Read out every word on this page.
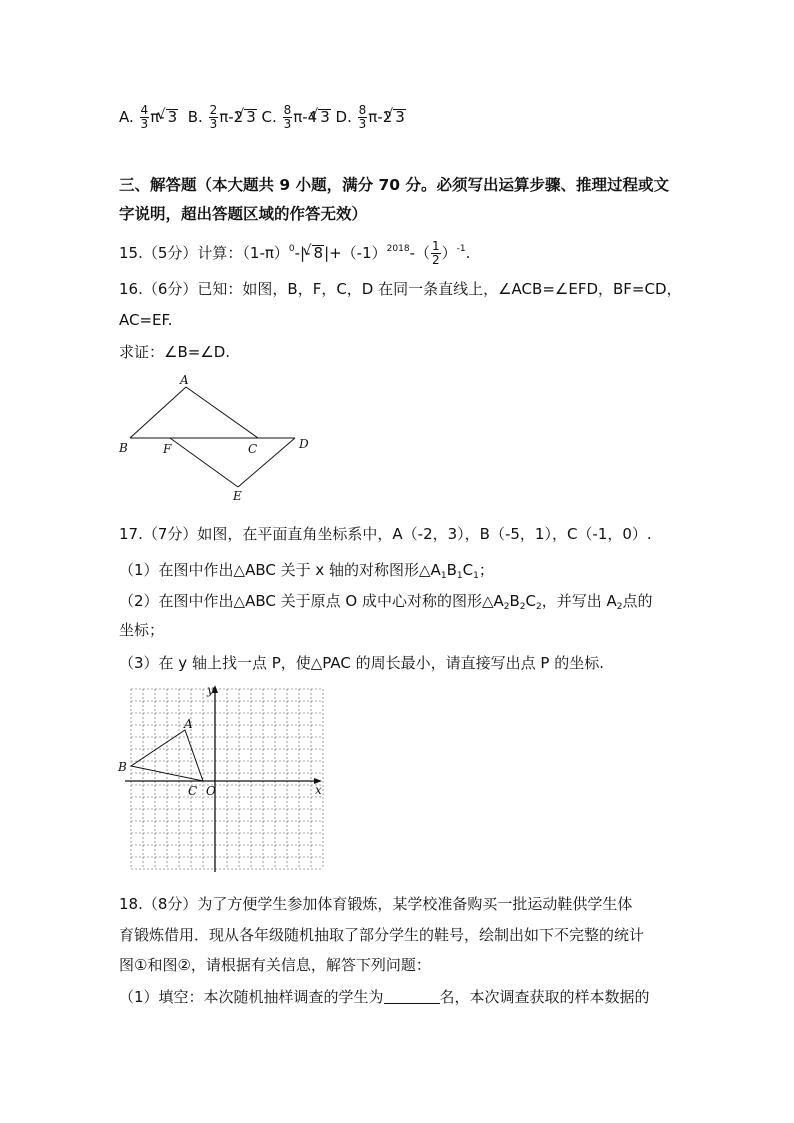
A. $\frac{4}{3} \pi-√$ 3 B. $\frac{2}{3} \pi-2√$ 3 C. $\frac{8}{3} \pi-4√$ 3 D. $\frac{8}{3} \pi-2√$ 3
三、解答题（本大题共 9 小题，满分 70 分。必须写出运算步骤、推理过程或文
字说明，超出答题区域的作答无效）
15.（5分）计算：$(1-\pi)^0-|-√$ $8|+(-1)^{2018}-( \frac{1}{2} )^{-1}$.
16.（6分）已知：如图，B，F，C，D 在同一条直线上，∠ACB=∠EFD，BF=CD，
AC=EF.
求证：∠B=∠D.
A
B	F	C	D
E
17.（7分）如图，在平面直角坐标系中，A（-2，3），B（-5，1），C（-1，0）.
（1）在图中作出△ABC 关于 x 轴的对称图形$\triangle A_1B_1C_1$；
（2）在图中作出△ABC 关于原点 O 成中心对称的图形$\triangle A_2B_2C_2$，并写出 $A_2$点的
坐标；
（3）在 y 轴上找一点 P，使△PAC 的周长最小，请直接写出点 P 的坐标.
y
x
A
B
C O
18.（8分）为了方便学生参加体育锻炼，某学校准备购买一批运动鞋供学生体
育锻炼借用．现从各年级随机抽取了部分学生的鞋号，绘制出如下不完整的统计
图①和图②，请根据有关信息，解答下列问题：
（1）填空：本次随机抽样调查的学生为	名，本次调查获取的样本数据的
